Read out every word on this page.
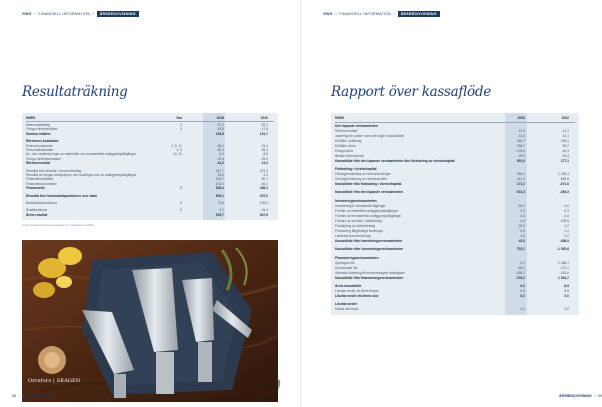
GWG // FINANSIELL INFORMATION // ÅRSREDOVISNING
Resultaträkning
MSEK	Not	2019	2022
Nettoomsättning	3	97,3	92,1
Övriga rörelseintäkter	3	44,8	47,6
Summa intäkter	149,8	141,7
Rörelsens kostnader
Externa kostnader	2, 6, 11	-95,1	-75,4
Personalkostnader	4, 5	-51,3	-49,3
Av- och nedskrivningar av materiella och immateriella anläggningstillgångar	10, 11	-3,3	-8,5
Övriga rörelsekostnader	-23,4	-25,6
Rörelseresultat	-14,2	-11,2
Resultat från andelar i koncernföretag	447,7	247,5
Resultat av övriga värdepapper och fordringar som är anläggningstillgångar	16,6	4,3
Finansiella intäkter	224,7	60,7
Finansiella kostnader	-131,0	-55,2
Finansnetto	7	523,4	248,1
Resultat före bokslutsdispositioner och skatt	509,1	237,0
Bokslutsdispositioner	8	73,6	125,0
Skattekostnad	9	3,1	-24,4
Årets resultat	519,7	337,6
Årets totalresultat överensstämmer med årets resultat.
Orrefors | SKAGEN
58 // ÅRSREDOVISNING
GWG // FINANSIELL INFORMATION // ÅRSREDOVISNING
Rapport över kassaflöde
MSEK	2023	2022
Den löpande verksamheten
Rörelseresultat	-14,3	-11,2
Justering för poster som inte ingår i kassaflödet	13,8	42,1
Erhållen utdelning	453,7	230,2
Erhållen ränta	256,7	55,7
Erlagd ränta	-176,6	-44,3
Betald inkomstskatt	-29,6	-16,4
Kassaflöde från den löpande verksamheten före förändring av rörelsekapital	501,0	277,1
Förändring i rörelsekapital
Ökning/minskning av rörelsefordringar	282,6	-1 283,3
Ökning/minskning av rörelseskulder	-111,3	659,6
Kassaflöde från förändring i rörelsekapital	171,3	-671,6
Kassaflöde från den löpande verksamheten	672,3	-394,5
Investeringsverksamheten
Investeringar i finansiella tillgångar	-56,9	-0,6
Förvärv av materiella anläggningstillgångar	-0,3	-0,2
Förvärv av immateriella anläggningstillgångar	-0,6	-0,5
Förvärv av andelar i dotterbolag	-0,8	-409,5
Försäljning av dotterföretag	95,3	0,0
Förändring långfristiga fordringar	0,8	1,1
Lämnade koncernbidrag	4,8	0,0
Kassaflöde från investeringsverksamheten	42,5	-408,9
Kassaflöde efter investeringsverksamheten	715,1	-1 020,6
Finansieringsverksamheten
Upptagna lån	0,0	1 385,4
Amorterade lån	-80,0	-101,1
Utbetald utdelning till moderbolagets aktieägare	-635,2	-281,6
Kassaflöde från finansieringsverksamheten	-715,2	1 004,7
Årets kassaflöde	0,0	-8,5
Likvida medel vid årets början	0,0	8,5
Likvida medel vid årets slut	0,0	0,0
Likvida medel
Kassa och bank	0,0	0,0
ÅRSREDOVISNING // 59
